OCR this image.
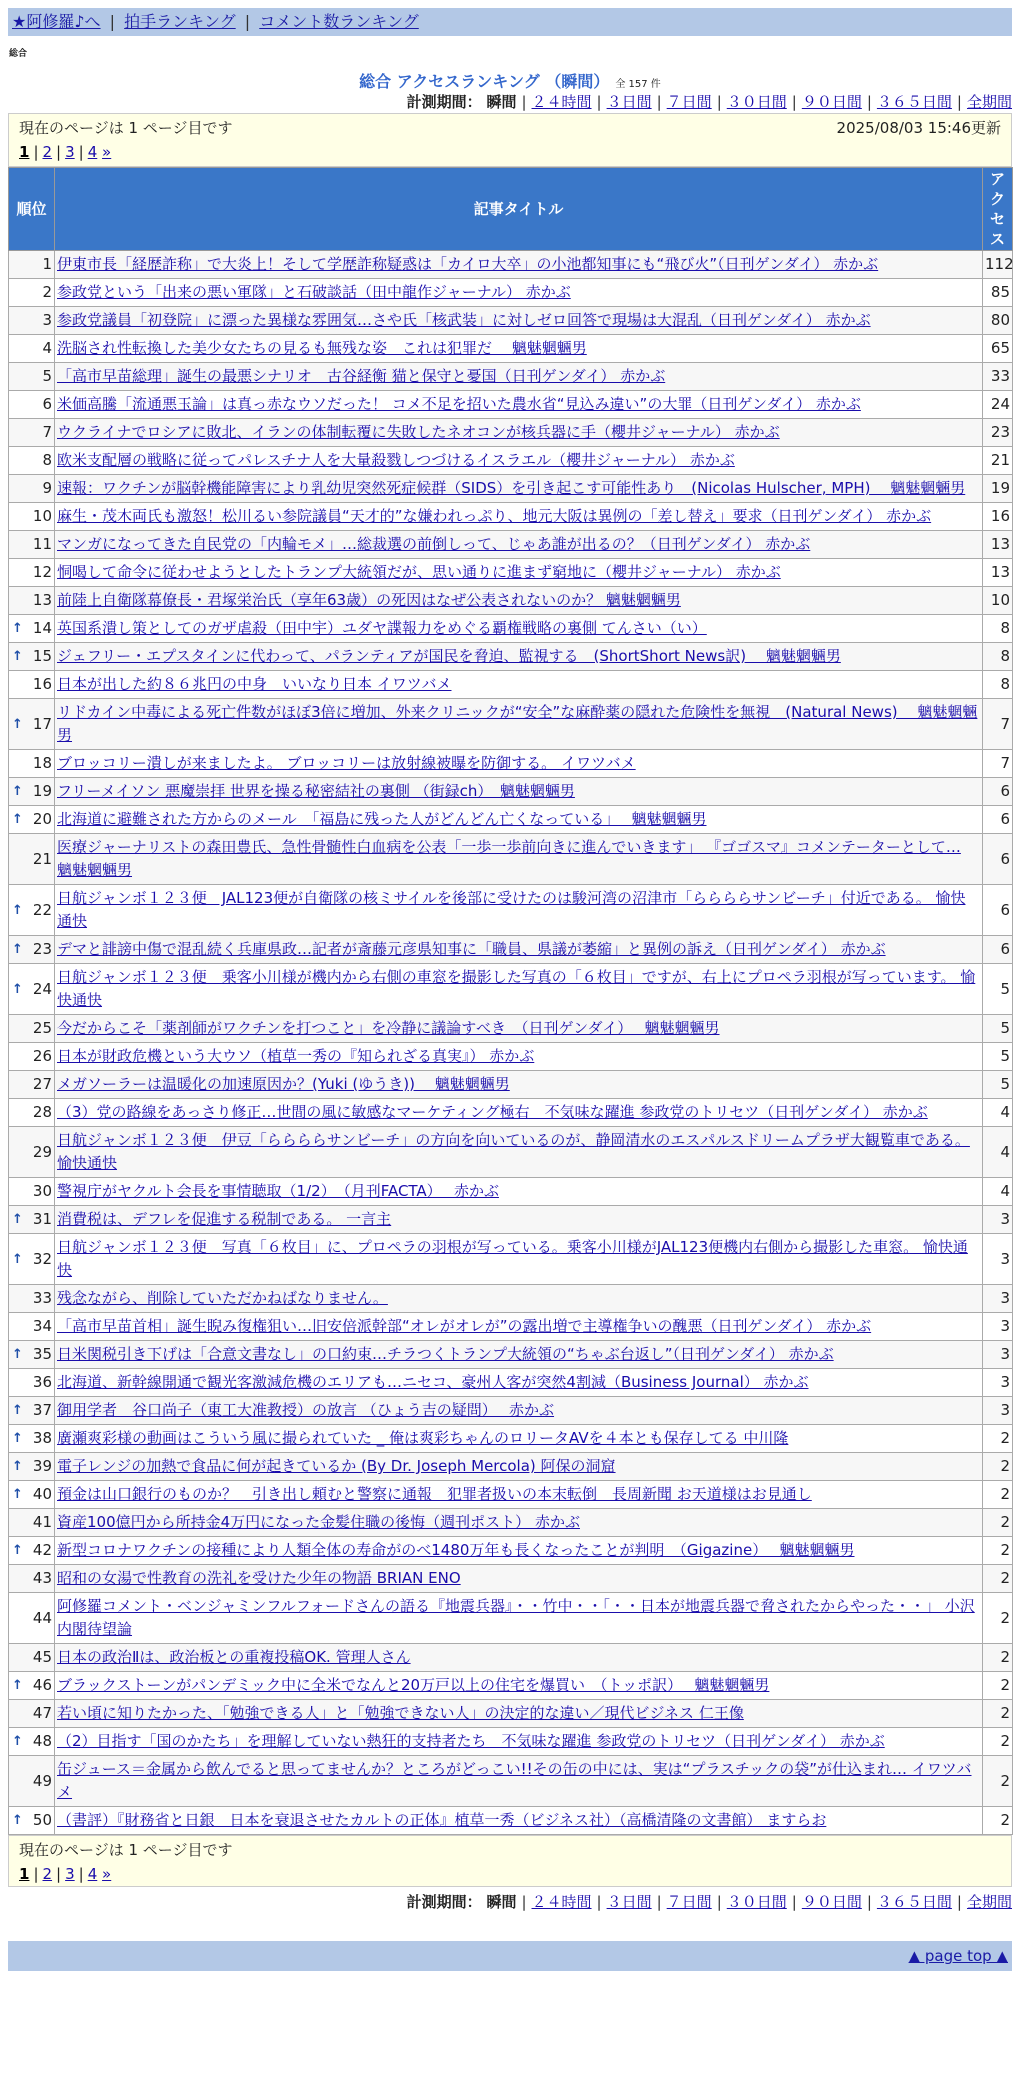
★阿修羅♪へ | 拍手ランキング | コメント数ランキング
総合
総合 アクセスランキング （瞬間） 全 157 件
計測期間： 瞬間 | ２４時間 | ３日間 | ７日間 | ３０日間 | ９０日間 | ３６５日間 | 全期間
現在のページは 1 ページ目です	2025/08/03 15:46更新
1 | 2 | 3 | 4 »
順位	記事タイトル	アクセス
1	伊東市長「経歴詐称」で大炎上！そして学歴詐称疑惑は「カイロ大卒」の小池都知事にも“飛び火”（日刊ゲンダイ） 赤かぶ	112
2	参政党という「出来の悪い軍隊」と石破談話（田中龍作ジャーナル） 赤かぶ	85
3	参政党議員「初登院」に漂った異様な雰囲気…さや氏「核武装」に対しゼロ回答で現場は大混乱（日刊ゲンダイ） 赤かぶ	80
4	洗脳され性転換した美少女たちの見るも無残な姿　これは犯罪だ　 魑魅魍魎男	65
5	「高市早苗総理」誕生の最悪シナリオ　古谷経衡 猫と保守と憂国（日刊ゲンダイ） 赤かぶ	33
6	米価高騰「流通悪玉論」は真っ赤なウソだった！ コメ不足を招いた農水省“見込み違い”の大罪（日刊ゲンダイ） 赤かぶ	24
7	ウクライナでロシアに敗北、イランの体制転覆に失敗したネオコンが核兵器に手（櫻井ジャーナル） 赤かぶ	23
8	欧米支配層の戦略に従ってパレスチナ人を大量殺戮しつづけるイスラエル（櫻井ジャーナル） 赤かぶ	21
9	速報：ワクチンが脳幹機能障害により乳幼児突然死症候群（SIDS）を引き起こす可能性あり　(Nicolas Hulscher, MPH)　 魑魅魍魎男	19
10	麻生・茂木両氏も激怒！松川るい参院議員“天才的”な嫌われっぷり、地元大阪は異例の「差し替え」要求（日刊ゲンダイ） 赤かぶ	16
11	マンガになってきた自民党の「内輪モメ」…総裁選の前倒しって、じゃあ誰が出るの？（日刊ゲンダイ） 赤かぶ	13
12	恫喝して命令に従わせようとしたトランプ大統領だが、思い通りに進まず窮地に（櫻井ジャーナル） 赤かぶ	13
13	前陸上自衛隊幕僚長・君塚栄治氏（享年63歳）の死因はなぜ公表されないのか？ 魑魅魍魎男	10

↑ 14	英国系潰し策としてのガザ虐殺（田中宇）ユダヤ諜報力をめぐる覇権戦略の裏側 てんさい（い）	8

↑ 15	ジェフリー・エプスタインに代わって、パランティアが国民を脅迫、監視する　(ShortShort News訳)　 魑魅魍魎男	8
16	日本が出した約８６兆円の中身　いいなり日本 イワツバメ	8

↑ 17	リドカイン中毒による死亡件数がほぼ3倍に増加、外来クリニックが“安全”な麻酔薬の隠れた危険性を無視　(Natural News)　 魑魅魍魎男	7
18	ブロッコリー潰しが来ましたよ。 ブロッコリーは放射線被曝を防御する。 イワツバメ	7

↑ 19	フリーメイソン 悪魔崇拝 世界を操る秘密結社の裏側 （街録ch）　魑魅魍魎男	6

↑ 20	北海道に避難された方からのメール　「福島に残った人がどんどん亡くなっている」　 魑魅魍魎男	6
21	医療ジャーナリストの森田豊氏、急性骨髄性白血病を公表「一歩一歩前向きに進んでいきます」 『ゴゴスマ』コメンテーターとして… 魑魅魍魎男	6

↑ 22	日航ジャンボ１２３便　JAL123便が自衛隊の核ミサイルを後部に受けたのは駿河湾の沼津市「ららららサンビーチ」付近である。 愉快通快	6

↑ 23	デマと誹謗中傷で混乱続く兵庫県政…記者が斎藤元彦県知事に「職員、県議が萎縮」と異例の訴え（日刊ゲンダイ） 赤かぶ	6

↑ 24	日航ジャンボ１２３便　乗客小川様が機内から右側の車窓を撮影した写真の「６枚目」ですが、右上にプロペラ羽根が写っています。 愉快通快	5
25	今だからこそ「薬剤師がワクチンを打つこと」を冷静に議論すべき　（日刊ゲンダイ）　 魑魅魍魎男	5
26	日本が財政危機という大ウソ（植草一秀の『知られざる真実』） 赤かぶ	5
27	メガソーラーは温暖化の加速原因か？(Yuki (ゆうき))　 魑魅魍魎男	5
28	（3）党の路線をあっさり修正…世間の風に敏感なマーケティング極右　不気味な躍進 参政党のトリセツ（日刊ゲンダイ） 赤かぶ	4
29	日航ジャンボ１２３便　伊豆「ららららサンビーチ」の方向を向いているのが、静岡清水のエスパルスドリームプラザ大観覧車である。 愉快通快	4
30	警視庁がヤクルト会長を事情聴取（1/2）　（月刊FACTA）　 赤かぶ	4

↑ 31	消費税は、デフレを促進する税制である。 一言主	3

↑ 32	日航ジャンボ１２３便　写真「６枚目」に、プロペラの羽根が写っている。乗客小川様がJAL123便機内右側から撮影した車窓。 愉快通快	3
33	残念ながら、削除していただかねばなりません。	3
34	「高市早苗首相」誕生睨み復権狙い…旧安倍派幹部“オレがオレが”の露出増で主導権争いの醜悪（日刊ゲンダイ） 赤かぶ	3

↑ 35	日米関税引き下げは「合意文書なし」の口約束…チラつくトランプ大統領の“ちゃぶ台返し”（日刊ゲンダイ） 赤かぶ	3
36	北海道、新幹線開通で観光客激減危機のエリアも…ニセコ、豪州人客が突然4割減（Business Journal） 赤かぶ	3

↑ 37	御用学者　谷口尚子（東工大准教授）の放言 （ひょう吉の疑問）　 赤かぶ	3

↑ 38	廣瀬爽彩様の動画はこういう風に撮られていた _ 俺は爽彩ちゃんのロリータAVを４本とも保存してる 中川隆	2

↑ 39	電子レンジの加熱で食品に何が起きているか (By Dr. Joseph Mercola) 阿保の洞窟	2

↑ 40	預金は山口銀行のものか？　引き出し頼むと警察に通報　犯罪者扱いの本末転倒　長周新聞 お天道様はお見通し	2
41	資産100億円から所持金4万円になった金髪住職の後悔（週刊ポスト） 赤かぶ	2

↑ 42	新型コロナワクチンの接種により人類全体の寿命がのべ1480万年も長くなったことが判明　（Gigazine）　 魑魅魍魎男	2
43	昭和の女湯で性教育の洗礼を受けた少年の物語 BRIAN ENO	2
44	阿修羅コメント・ベンジャミンフルフォードさんの語る『地震兵器』・・竹中・・「・・日本が地震兵器で脅されたからやった・・」 小沢内閣待望論	2
45	日本の政治Ⅱは、政治板との重複投稿OK. 管理人さん	2

↑ 46	ブラックストーンがパンデミック中に全米でなんと20万戸以上の住宅を爆買い　（トッポ訳）　 魑魅魍魎男	2
47	若い頃に知りたかった、「勉強できる人」と「勉強できない人」の決定的な違い／現代ビジネス 仁王像	2

↑ 48	（2）目指す「国のかたち」を理解していない熱狂的支持者たち　不気味な躍進 参政党のトリセツ（日刊ゲンダイ） 赤かぶ	2
49	缶ジュース＝金属から飲んでると思ってませんか？ところがどっこい!!その缶の中には、実は“プラスチックの袋”が仕込まれ… イワツバメ	2

↑ 50	（書評）『財務省と日銀　日本を衰退させたカルトの正体』植草一秀（ビジネス社）（高橋清隆の文書館） ますらお	2
現在のページは 1 ページ目です
1 | 2 | 3 | 4 »
計測期間： 瞬間 | ２４時間 | ３日間 | ７日間 | ３０日間 | ９０日間 | ３６５日間 | 全期間
▲ page top ▲
